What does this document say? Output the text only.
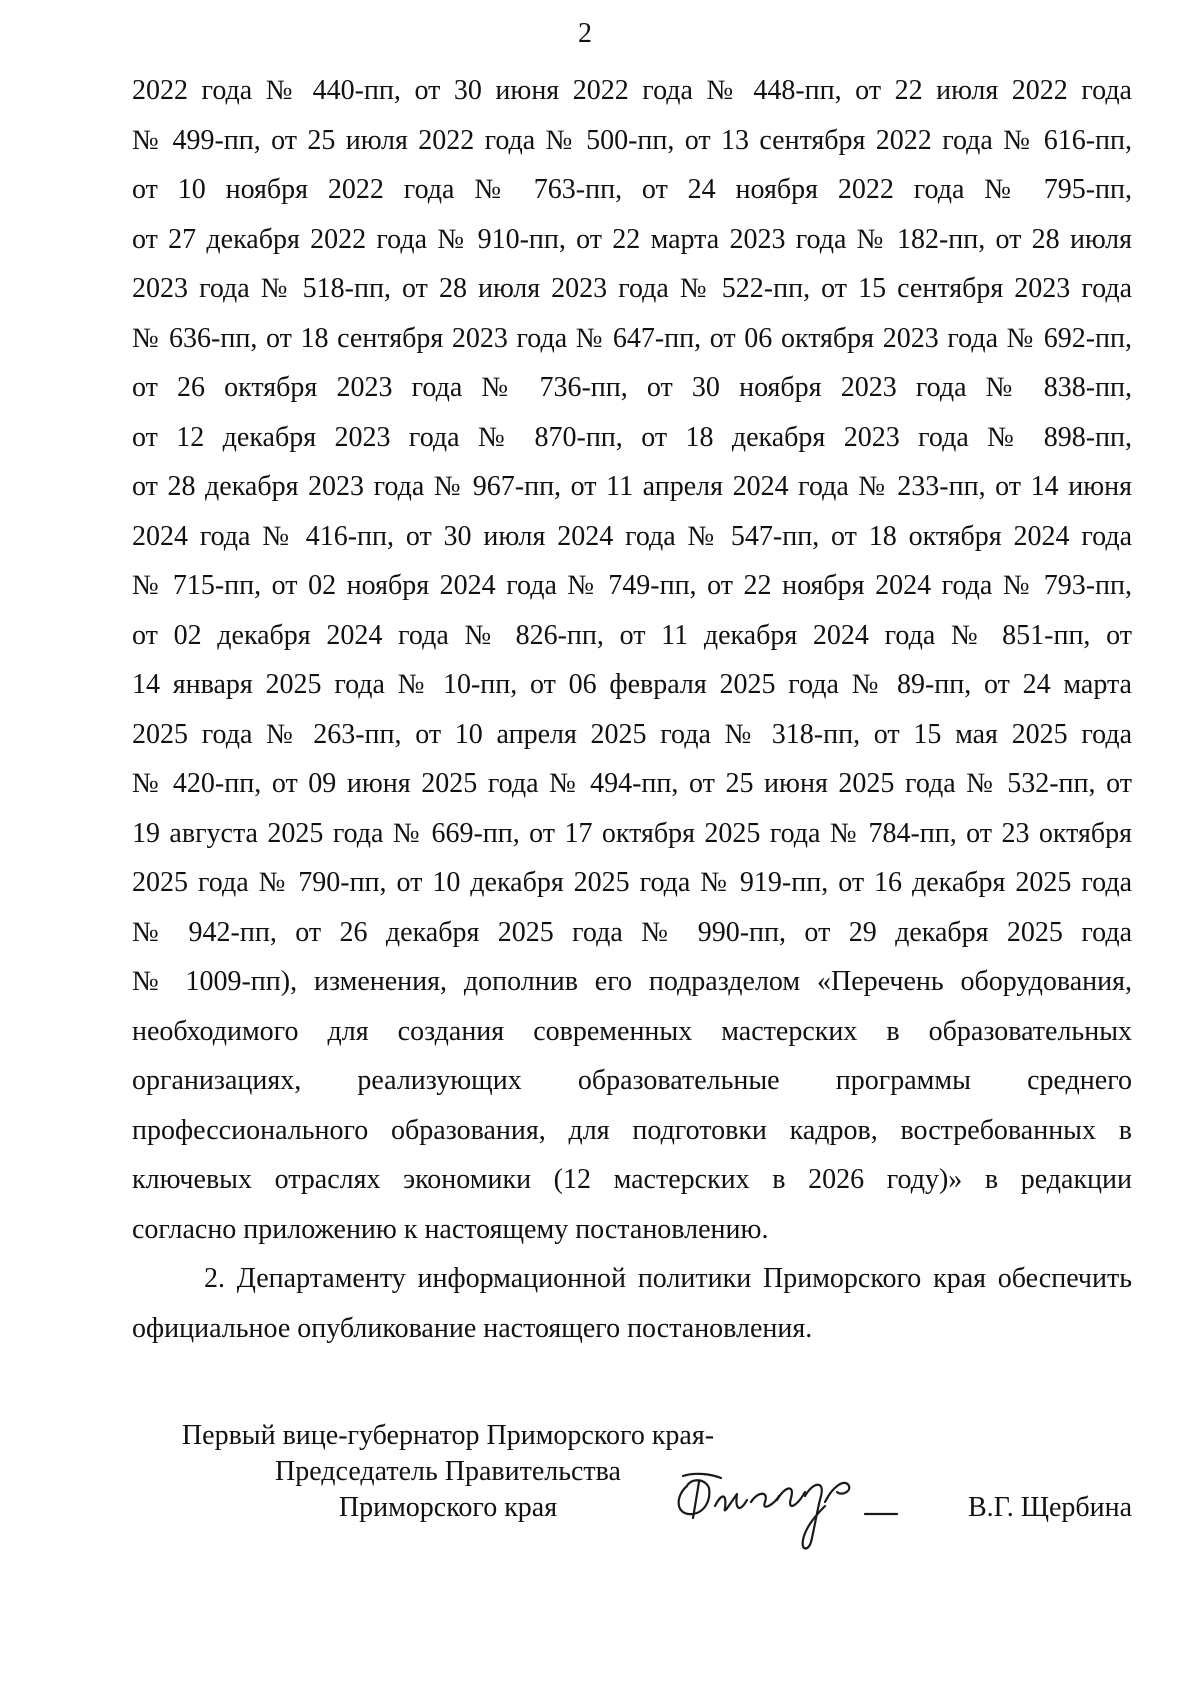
2
2022 года № 440-пп, от 30 июня 2022 года № 448-пп, от 22 июля 2022 года
№ 499-пп, от 25 июля 2022 года № 500-пп, от 13 сентября 2022 года № 616-пп,
от 10 ноября 2022 года № 763-пп, от 24 ноября 2022 года № 795-пп,
от 27 декабря 2022 года № 910-пп, от 22 марта 2023 года № 182-пп, от 28 июля
2023 года № 518-пп, от 28 июля 2023 года № 522-пп, от 15 сентября 2023 года
№ 636-пп, от 18 сентября 2023 года № 647-пп, от 06 октября 2023 года № 692-пп,
от 26 октября 2023 года № 736-пп, от 30 ноября 2023 года № 838-пп,
от 12 декабря 2023 года № 870-пп, от 18 декабря 2023 года № 898-пп,
от 28 декабря 2023 года № 967-пп, от 11 апреля 2024 года № 233-пп, от 14 июня
2024 года № 416-пп, от 30 июля 2024 года № 547-пп, от 18 октября 2024 года
№ 715-пп, от 02 ноября 2024 года № 749-пп, от 22 ноября 2024 года № 793-пп,
от 02 декабря 2024 года № 826-пп, от 11 декабря 2024 года № 851-пп, от
14 января 2025 года № 10-пп, от 06 февраля 2025 года № 89-пп, от 24 марта
2025 года № 263-пп, от 10 апреля 2025 года № 318-пп, от 15 мая 2025 года
№ 420-пп, от 09 июня 2025 года № 494-пп, от 25 июня 2025 года № 532-пп, от
19 августа 2025 года № 669-пп, от 17 октября 2025 года № 784-пп, от 23 октября
2025 года № 790-пп, от 10 декабря 2025 года № 919-пп, от 16 декабря 2025 года
№ 942-пп, от 26 декабря 2025 года № 990-пп, от 29 декабря 2025 года
№ 1009-пп), изменения, дополнив его подразделом «Перечень оборудования,
необходимого для создания современных мастерских в образовательных
организациях, реализующих образовательные программы среднего
профессионального образования, для подготовки кадров, востребованных в
ключевых отраслях экономики (12 мастерских в 2026 году)» в редакции
согласно приложению к настоящему постановлению.
2. Департаменту информационной политики Приморского края обеспечить
официальное опубликование настоящего постановления.
Первый вице-губернатор Приморского края-
Председатель Правительства
Приморского края	В.Г. Щербина
